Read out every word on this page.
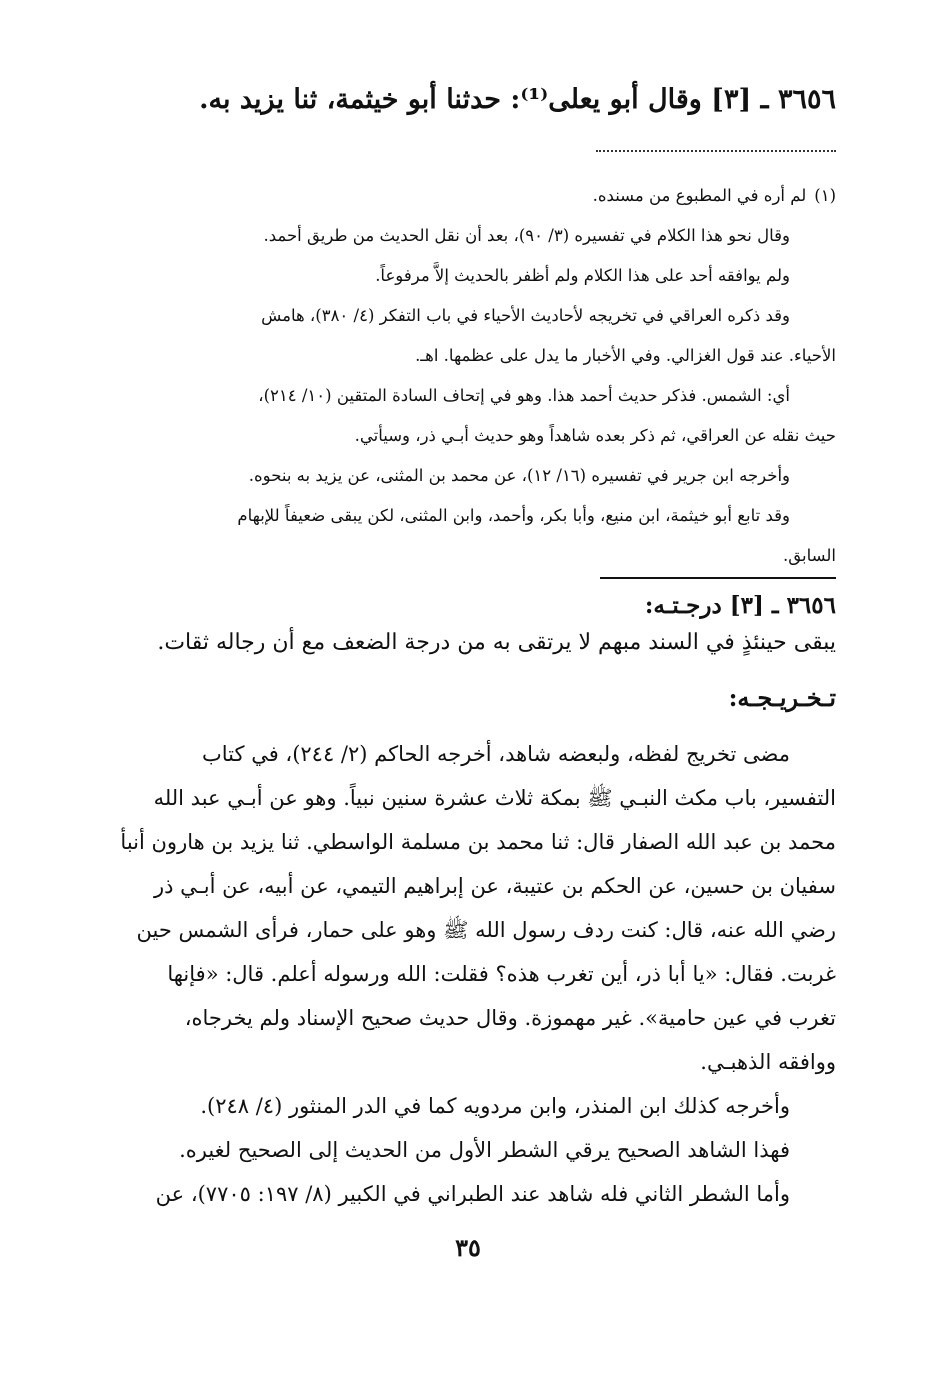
٣٦٥٦ ـ [٣] وقال أبو يعلى⁽¹⁾: حدثنا أبو خيثمة، ثنا يزيد به.
(١)لم أره في المطبوع من مسنده.
وقال نحو هذا الكلام في تفسيره (٣/ ٩٠)، بعد أن نقل الحديث من طريق أحمد.
ولم يوافقه أحد على هذا الكلام ولم أظفر بالحديث إلاَّ مرفوعاً.
وقد ذكره العراقي في تخريجه لأحاديث الأحياء في باب التفكر (٤/ ٣٨٠)، هامش
الأحياء. عند قول الغزالي. وفي الأخبار ما يدل على عظمها. اهـ.
أي: الشمس. فذكر حديث أحمد هذا. وهو في إتحاف السادة المتقين (١٠/ ٢١٤)،
حيث نقله عن العراقي، ثم ذكر بعده شاهداً وهو حديث أبـي ذر، وسيأتي.
وأخرجه ابن جرير في تفسيره (١٦/ ١٢)، عن محمد بن المثنى، عن يزيد به بنحوه.
وقد تابع أبو خيثمة، ابن منيع، وأبا بكر، وأحمد، وابن المثنى، لكن يبقى ضعيفاً للإبهام
السابق.
٣٦٥٦ ـ [٣] درجـتـه:
يبقى حينئذٍ في السند مبهم لا يرتقى به من درجة الضعف مع أن رجاله ثقات.
تـخـريـجـه:
مضى تخريج لفظه، ولبعضه شاهد، أخرجه الحاكم (٢/ ٢٤٤)، في كتاب
التفسير، باب مكث النبـي ﷺ بمكة ثلاث عشرة سنين نبياً. وهو عن أبـي عبد الله
محمد بن عبد الله الصفار قال: ثنا محمد بن مسلمة الواسطي. ثنا يزيد بن هارون أنبأ
سفيان بن حسين، عن الحكم بن عتيبة، عن إبراهيم التيمي، عن أبيه، عن أبـي ذر
رضي الله عنه، قال: كنت ردف رسول الله ﷺ وهو على حمار، فرأى الشمس حين
غربت. فقال: «يا أبا ذر، أين تغرب هذه؟ فقلت: الله ورسوله أعلم. قال: «فإنها
تغرب في عين حامية». غير مهموزة. وقال حديث صحيح الإسناد ولم يخرجاه،
ووافقه الذهبـي.
وأخرجه كذلك ابن المنذر، وابن مردويه كما في الدر المنثور (٤/ ٢٤٨).
فهذا الشاهد الصحيح يرقي الشطر الأول من الحديث إلى الصحيح لغيره.
وأما الشطر الثاني فله شاهد عند الطبراني في الكبير (٨/ ١٩٧: ٧٧٠٥)، عن
٣٥
